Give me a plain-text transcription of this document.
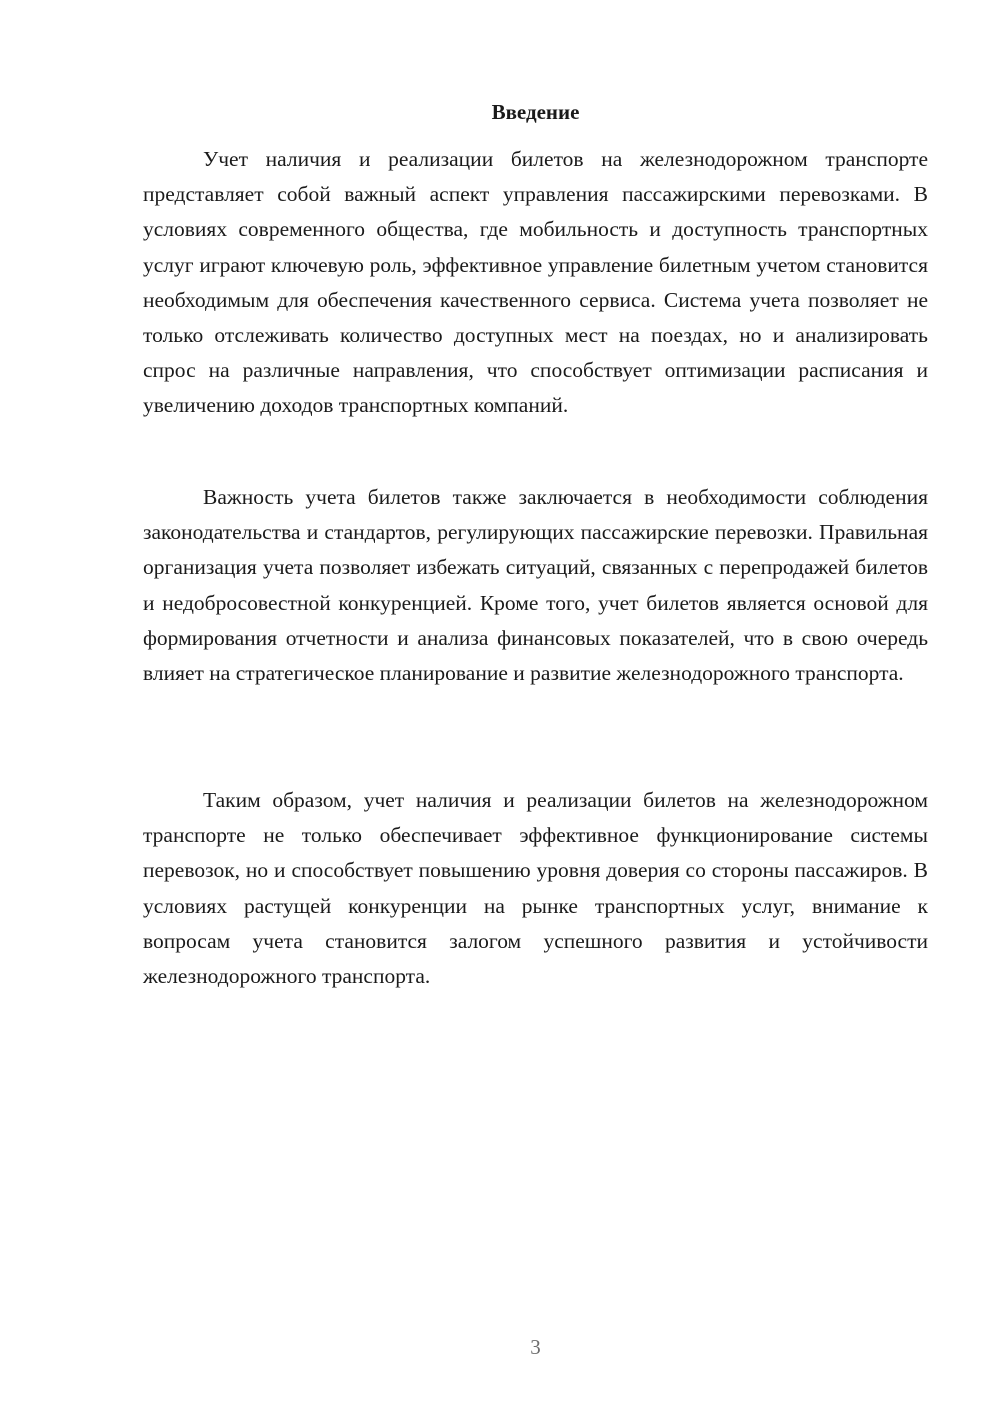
Введение

Учет наличия и реализации билетов на железнодорожном транспорте представляет собой важный аспект управления пассажирскими перевозками. В условиях современного общества, где мобильность и доступность транспортных услуг играют ключевую роль, эффективное управление билетным учетом становится необходимым для обеспечения качественного сервиса. Система учета позволяет не только отслеживать количество доступных мест на поездах, но и анализировать спрос на различные направления, что способствует оптимизации расписания и увеличению доходов транспортных компаний.

Важность учета билетов также заключается в необходимости соблюдения законодательства и стандартов, регулирующих пассажирские перевозки. Правильная организация учета позволяет избежать ситуаций, связанных с перепродажей билетов и недобросовестной конкуренцией. Кроме того, учет билетов является основой для формирования отчетности и анализа финансовых показателей, что в свою очередь влияет на стратегическое планирование и развитие железнодорожного транспорта.

Таким образом, учет наличия и реализации билетов на железнодорожном транспорте не только обеспечивает эффективное функционирование системы перевозок, но и способствует повышению уровня доверия со стороны пассажиров. В условиях растущей конкуренции на рынке транспортных услуг, внимание к вопросам учета становится залогом успешного развития и устойчивости железнодорожного транспорта.

3
